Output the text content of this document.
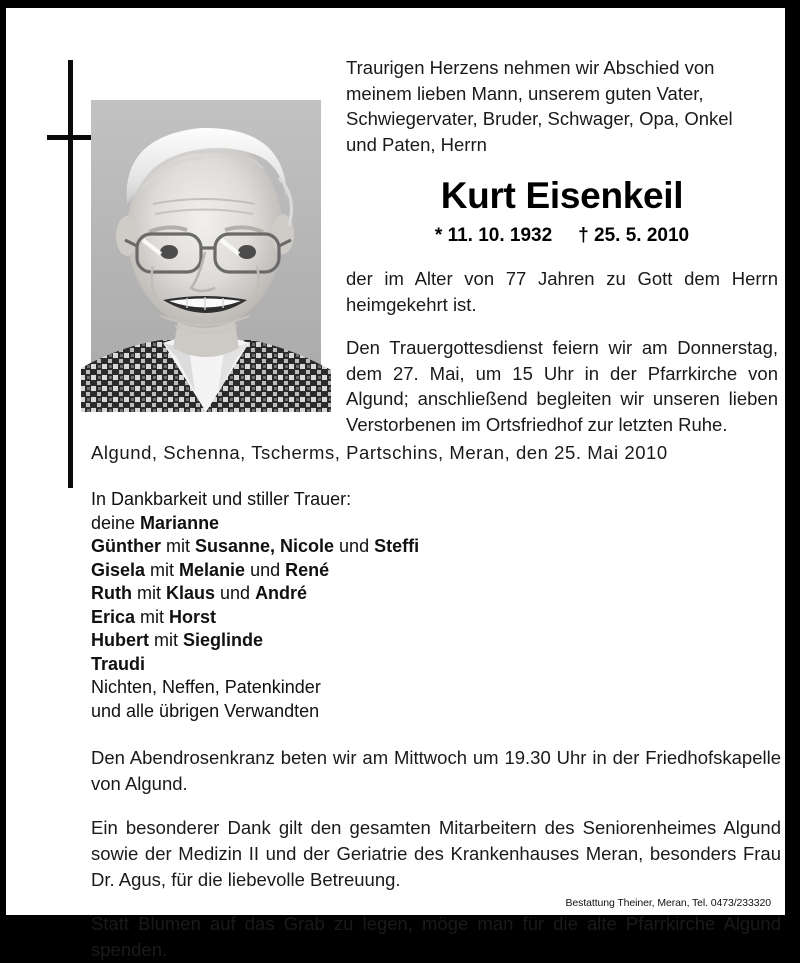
Traurigen Herzens nehmen wir Abschied von

meinem lieben Mann, unserem guten Vater,

Schwiegervater, Bruder, Schwager, Opa, Onkel

und Paten, Herrn

Kurt Eisenkeil
* 11. 10. 1932 † 25. 5. 2010

der im Alter von 77 Jahren zu Gott dem Herrn heimgekehrt ist.

Den Trauergottesdienst feiern wir am Donnerstag, dem 27. Mai, um 15 Uhr in der Pfarrkirche von Algund; anschließend begleiten wir unseren lieben Verstorbenen im Ortsfriedhof zur letzten Ruhe.

Algund, Schenna, Tscherms, Partschins, Meran, den 25. Mai 2010

In Dankbarkeit und stiller Trauer:
deine Marianne
Günther mit Susanne, Nicole und Steffi
Gisela mit Melanie und René
Ruth mit Klaus und André
Erica mit Horst
Hubert mit Sieglinde
Traudi
Nichten, Neffen, Patenkinder
und alle übrigen Verwandten

Den Abendrosenkranz beten wir am Mittwoch um 19.30 Uhr in der Friedhofskapelle von Algund.

Ein besonderer Dank gilt den gesamten Mitarbeitern des Seniorenheimes Algund sowie der Medizin II und der Geriatrie des Krankenhauses Meran, besonders Frau Dr. Agus, für die liebevolle Betreuung.

Statt Blumen auf das Grab zu legen, möge man für die alte Pfarrkirche Algund spenden.

Bestattung Theiner, Meran, Tel. 0473/233320
